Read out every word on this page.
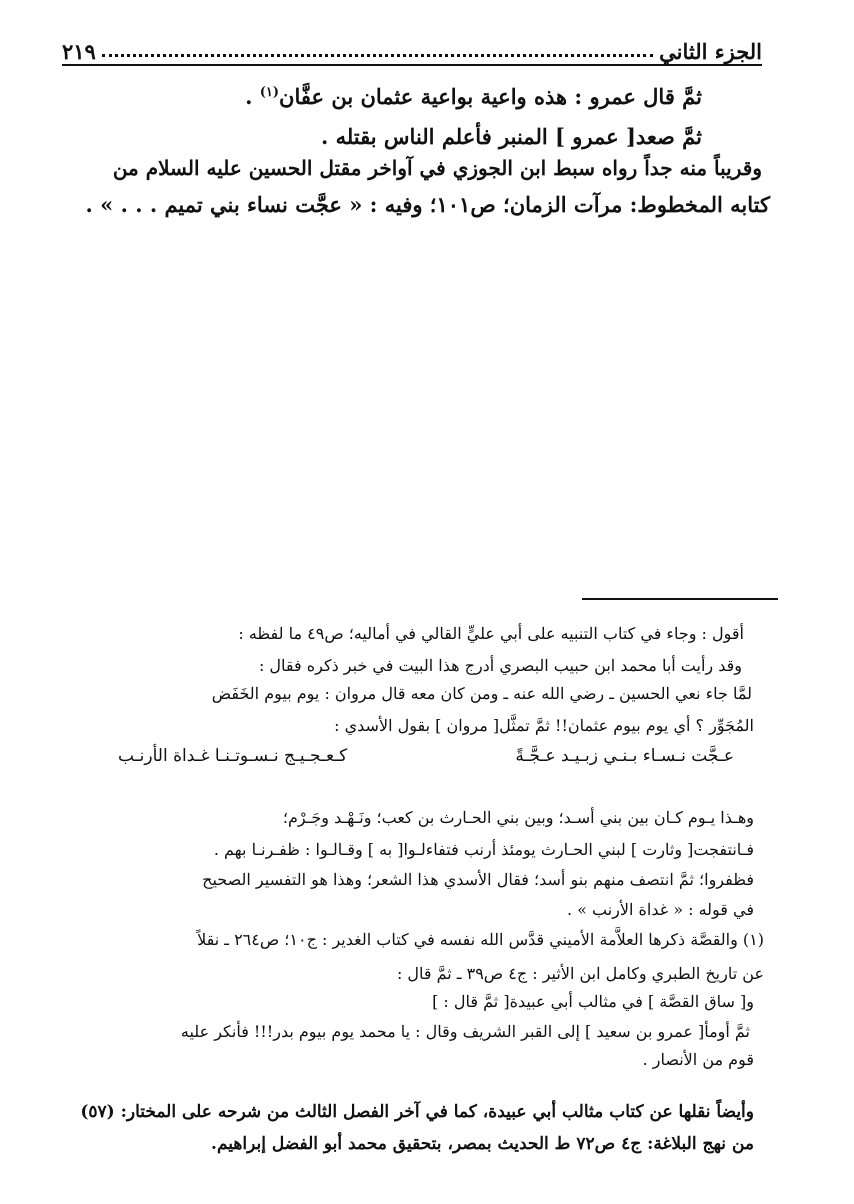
الجزء الثاني
٢١٩
ثمَّ قال عمرو : هذه واعية بواعية عثمان بن عفَّان$^{(١)}$ .
ثمَّ صعد[ عمرو ] المنبر فأعلم الناس بقتله .
وقريباً منه جداً رواه سبط ابن الجوزي في آواخر مقتل الحسين عليه السلام من
كتابه المخطوط: مرآت الزمان؛ ص١٠١؛ وفيه : « عجَّت نساء بني تميم . . . » .
أقول : وجاء في كتاب التنبيه على أبي عليٍّ القالي في أماليه؛ ص٤٩ ما لفظه :
وقد رأيت أبا محمد ابن حبيب البصري أدرج هذا البيت في خبر ذكره فقال :
لمَّا جاء نعي الحسين ـ رضي الله عنه ـ ومن كان معه قال مروان : يوم بيوم الخَفَض
المُجَوِّر ؟ أي يوم بيوم عثمان!! ثمَّ تمثَّل[ مروان ] بقول الأسدي :
عـجَّت نـسـاء بـنـي زبـيـد عـجَّـةً
كـعـجـيـج نـسـوتـنـا غـداة الأرنـب
وهـذا يـوم كـان بين بني أسـد؛ وبين بني الحـارث بن كعب؛ ونَـهْـد وجَـرْم؛
فـانتفجت[ وثارت ] لبني الحـارث يومئذ أرنب فتفاءلـوا[ به ] وقـالـوا : ظفـرنـا بهم .
فظفروا؛ ثمَّ انتصف منهم بنو أسد؛ فقال الأسدي هذا الشعر؛ وهذا هو التفسير الصحيح
في قوله : « غداة الأرنب » .
(١) والقصَّة ذكرها العلاَّمة الأميني قدَّس الله نفسه في كتاب الغدير : ج١٠؛ ص٢٦٤ ـ نقلاً
عن تاريخ الطبري وكامل ابن الأثير : ج٤ ص٣٩ ـ ثمَّ قال :
و[ ساق القصَّة ] في مثالب أبي عبيدة[ ثمَّ قال : ]
ثمَّ أومأ[ عمرو بن سعيد ] إلى القبر الشريف وقال : يا محمد يوم بيوم بدر!!! فأنكر عليه
قوم من الأنصار .
وأيضاً نقلها عن كتاب مثالب أبي عبيدة، كما في آخر الفصل الثالث من شرحه على المختار: (٥٧)
من نهج البلاغة: ج٤ ص٧٢ ط الحديث بمصر، بتحقيق محمد أبو الفضل إبراهيم.
